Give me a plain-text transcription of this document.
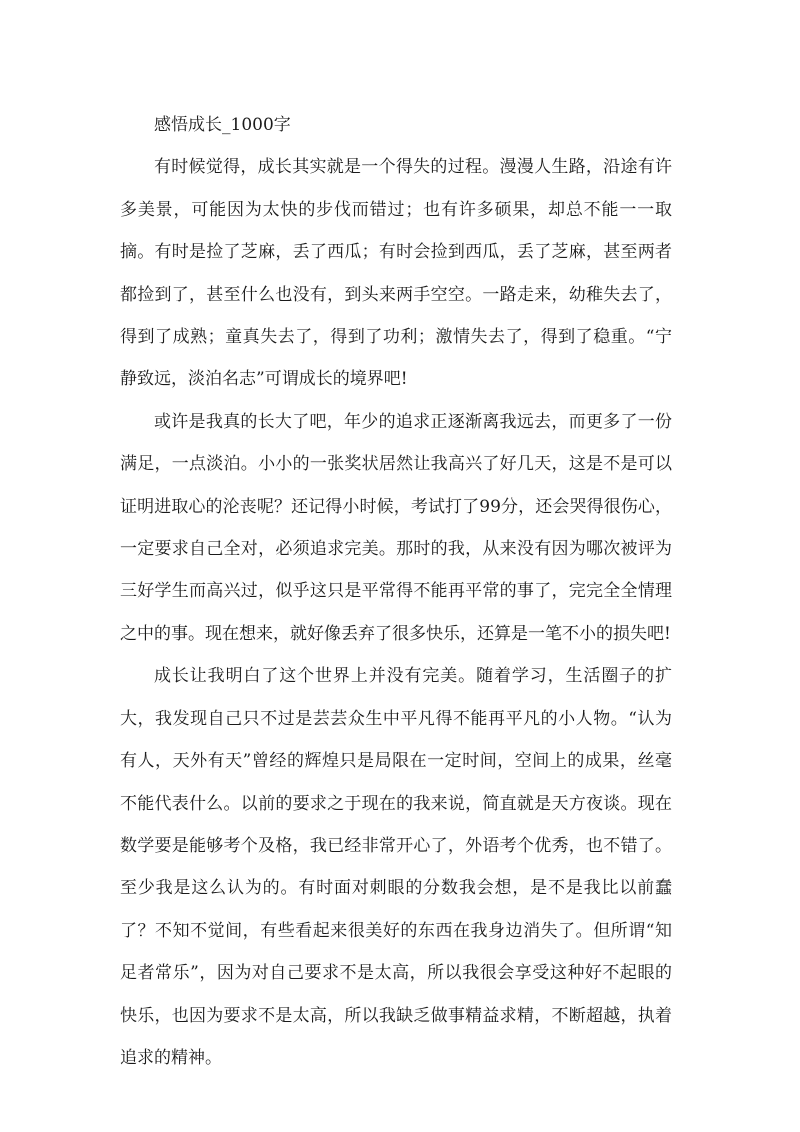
感悟成长_1000字

有时候觉得，成长其实就是一个得失的过程。漫漫人生路，沿途有许多美景，可能因为太快的步伐而错过；也有许多硕果，却总不能一一取摘。有时是捡了芝麻，丢了西瓜；有时会捡到西瓜，丢了芝麻，甚至两者都捡到了，甚至什么也没有，到头来两手空空。一路走来，幼稚失去了，得到了成熟；童真失去了，得到了功利；激情失去了，得到了稳重。“宁静致远，淡泊名志”可谓成长的境界吧!

或许是我真的长大了吧，年少的追求正逐渐离我远去，而更多了一份满足，一点淡泊。小小的一张奖状居然让我高兴了好几天，这是不是可以证明进取心的沦丧呢？还记得小时候，考试打了99分，还会哭得很伤心，一定要求自己全对，必须追求完美。那时的我，从来没有因为哪次被评为三好学生而高兴过，似乎这只是平常得不能再平常的事了，完完全全情理之中的事。现在想来，就好像丢弃了很多快乐，还算是一笔不小的损失吧!

成长让我明白了这个世界上并没有完美。随着学习，生活圈子的扩大，我发现自己只不过是芸芸众生中平凡得不能再平凡的小人物。“认为有人，天外有天”曾经的辉煌只是局限在一定时间，空间上的成果，丝毫不能代表什么。以前的要求之于现在的我来说，简直就是天方夜谈。现在数学要是能够考个及格，我已经非常开心了，外语考个优秀，也不错了。至少我是这么认为的。有时面对刺眼的分数我会想，是不是我比以前蠢了？不知不觉间，有些看起来很美好的东西在我身边消失了。但所谓“知足者常乐”，因为对自己要求不是太高，所以我很会享受这种好不起眼的快乐，也因为要求不是太高，所以我缺乏做事精益求精，不断超越，执着追求的精神。
